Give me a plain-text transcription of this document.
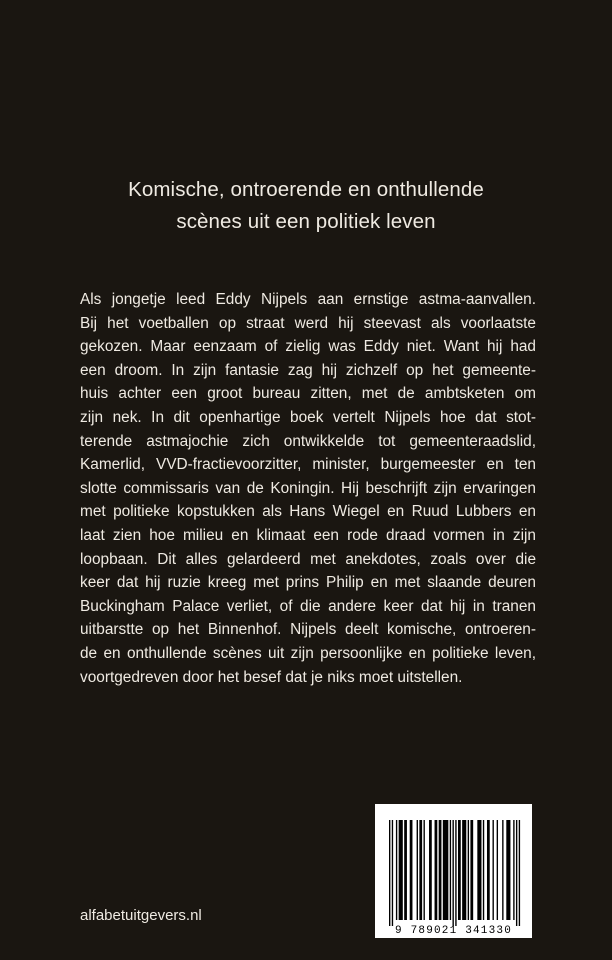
Komische, ontroerende en onthullende
scènes uit een politiek leven
Als jongetje leed Eddy Nijpels aan ernstige astma-aanvallen.
Bij het voetballen op straat werd hij steevast als voorlaatste
gekozen. Maar eenzaam of zielig was Eddy niet. Want hij had
een droom. In zijn fantasie zag hij zichzelf op het gemeente-
huis achter een groot bureau zitten, met de ambtsketen om
zijn nek. In dit openhartige boek vertelt Nijpels hoe dat stot-
terende astmajochie zich ontwikkelde tot gemeenteraadslid,
Kamerlid, VVD-fractievoorzitter, minister, burgemeester en ten
slotte commissaris van de Koningin. Hij beschrijft zijn ervaringen
met politieke kopstukken als Hans Wiegel en Ruud Lubbers en
laat zien hoe milieu en klimaat een rode draad vormen in zijn
loopbaan. Dit alles gelardeerd met anekdotes, zoals over die
keer dat hij ruzie kreeg met prins Philip en met slaande deuren
Buckingham Palace verliet, of die andere keer dat hij in tranen
uitbarstte op het Binnenhof. Nijpels deelt komische, ontroeren-
de en onthullende scènes uit zijn persoonlijke en politieke leven,
voortgedreven door het besef dat je niks moet uitstellen.
alfabetuitgevers.nl
9 789021 341330
